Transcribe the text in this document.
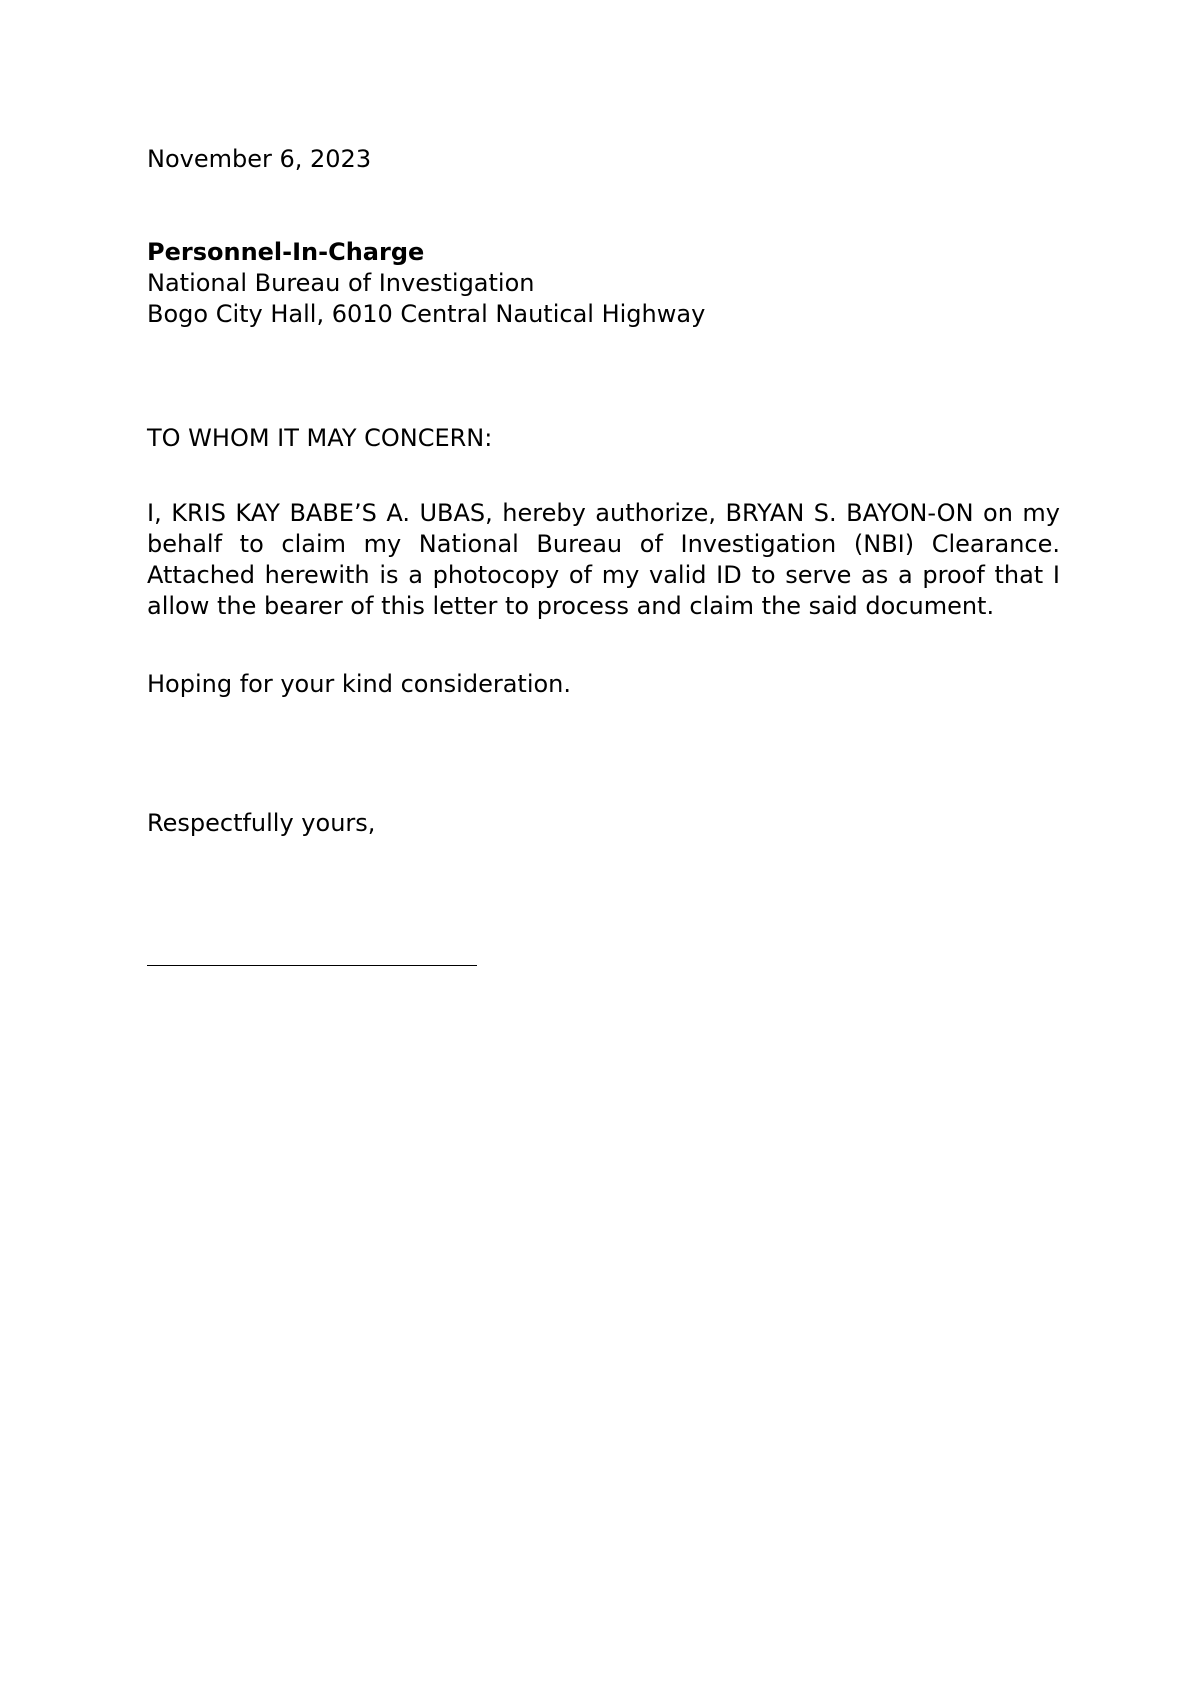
November 6, 2023
Personnel-In-Charge
National Bureau of Investigation
Bogo City Hall, 6010 Central Nautical Highway
TO WHOM IT MAY CONCERN:
I, KRIS KAY BABE’S A. UBAS, hereby authorize, BRYAN S. BAYON-ON on my behalf to claim my National Bureau of Investigation (NBI) Clearance. Attached herewith is a photocopy of my valid ID to serve as a proof that I allow the bearer of this letter to process and claim the said document.
Hoping for your kind consideration.
Respectfully yours,
